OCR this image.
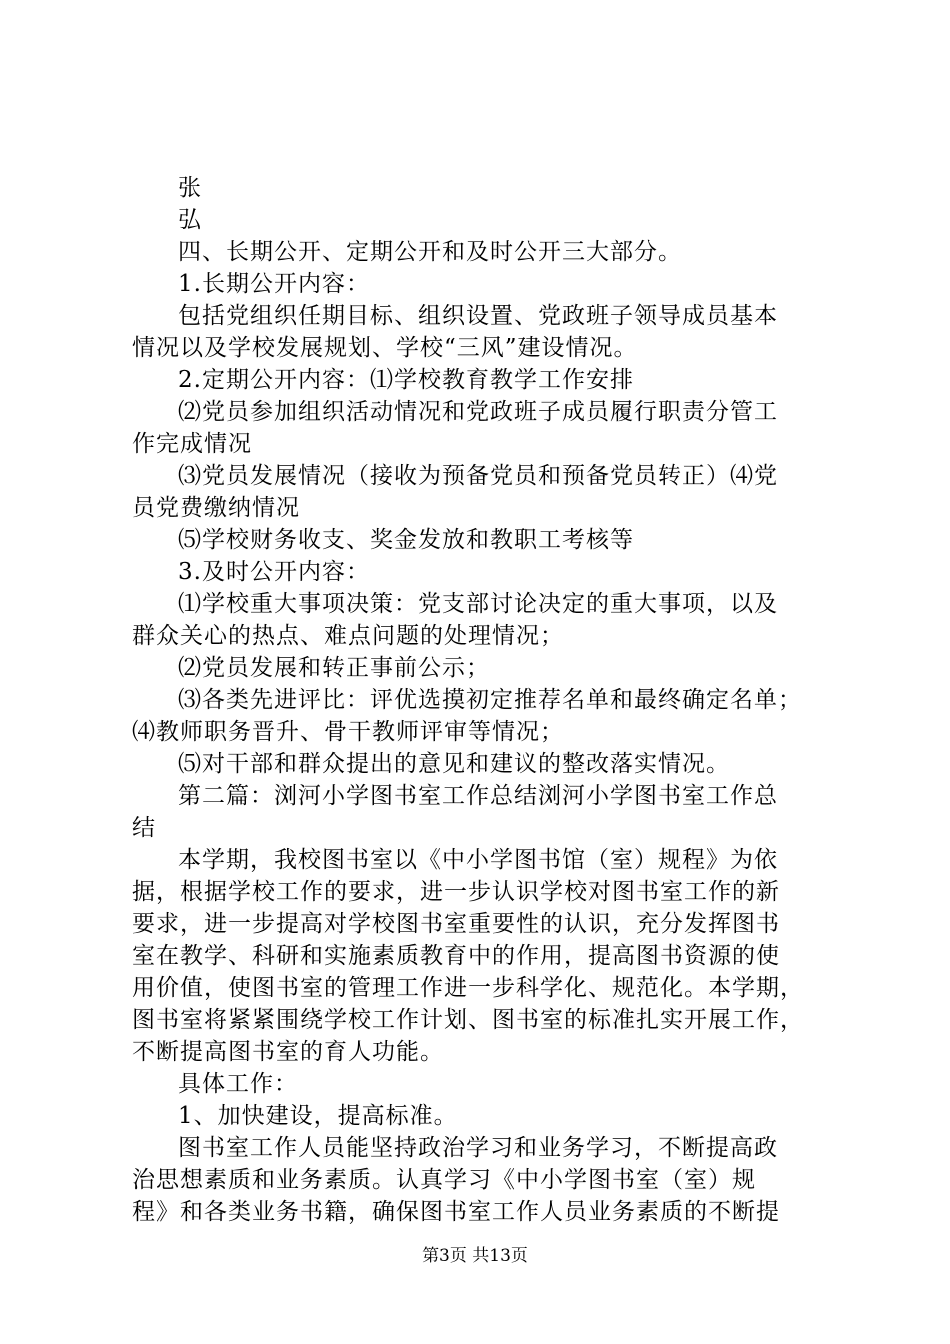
张

弘

四、长期公开、定期公开和及时公开三大部分。

1.长期公开内容：

包括党组织任期目标、组织设置、党政班子领导成员基本

情况以及学校发展规划、学校“三风”建设情况。

2.定期公开内容：⑴学校教育教学工作安排

⑵党员参加组织活动情况和党政班子成员履行职责分管工

作完成情况

⑶党员发展情况（接收为预备党员和预备党员转正）⑷党

员党费缴纳情况

⑸学校财务收支、奖金发放和教职工考核等

3.及时公开内容：

⑴学校重大事项决策：党支部讨论决定的重大事项，以及

群众关心的热点、难点问题的处理情况；

⑵党员发展和转正事前公示；

⑶各类先进评比：评优选摸初定推荐名单和最终确定名单；

⑷教师职务晋升、骨干教师评审等情况；

⑸对干部和群众提出的意见和建议的整改落实情况。

第二篇：浏河小学图书室工作总结浏河小学图书室工作总

结

本学期，我校图书室以《中小学图书馆（室）规程》为依

据，根据学校工作的要求，进一步认识学校对图书室工作的新

要求，进一步提高对学校图书室重要性的认识，充分发挥图书

室在教学、科研和实施素质教育中的作用，提高图书资源的使

用价值，使图书室的管理工作进一步科学化、规范化。本学期，

图书室将紧紧围绕学校工作计划、图书室的标准扎实开展工作，

不断提高图书室的育人功能。

具体工作：

1、加快建设，提高标准。

图书室工作人员能坚持政治学习和业务学习，不断提高政

治思想素质和业务素质。认真学习《中小学图书室（室）规

程》和各类业务书籍，确保图书室工作人员业务素质的不断提

第3页 共13页
